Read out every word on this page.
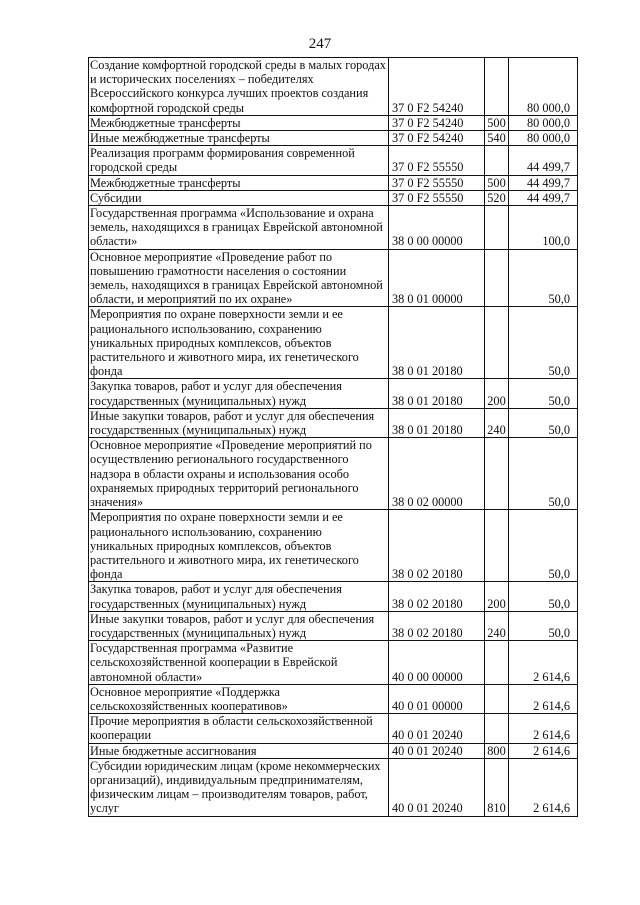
247
Создание комфортной городской среды в малых городах и исторических поселениях – победителях Всероссийского конкурса лучших проектов создания комфортной городской среды	37 0 F2 54240		80 000,0
Межбюджетные трансферты	37 0 F2 54240	500	80 000,0
Иные межбюджетные трансферты	37 0 F2 54240	540	80 000,0
Реализация программ формирования современной городской среды	37 0 F2 55550		44 499,7
Межбюджетные трансферты	37 0 F2 55550	500	44 499,7
Субсидии	37 0 F2 55550	520	44 499,7
Государственная программа «Использование и охрана земель, находящихся в границах Еврейской автономной области»	38 0 00 00000		100,0
Основное мероприятие «Проведение работ по повышению грамотности населения о состоянии земель, находящихся в границах Еврейской автономной области, и мероприятий по их охране»	38 0 01 00000		50,0
Мероприятия по охране поверхности земли и ее рационального использованию, сохранению уникальных природных комплексов, объектов растительного и животного мира, их генетического фонда	38 0 01 20180		50,0
Закупка товаров, работ и услуг для обеспечения государственных (муниципальных) нужд	38 0 01 20180	200	50,0
Иные закупки товаров, работ и услуг для обеспечения государственных (муниципальных) нужд	38 0 01 20180	240	50,0
Основное мероприятие «Проведение мероприятий по осуществлению регионального государственного надзора в области охраны и использования особо охраняемых природных территорий регионального значения»	38 0 02 00000		50,0
Мероприятия по охране поверхности земли и ее рационального использованию, сохранению уникальных природных комплексов, объектов растительного и животного мира, их генетического фонда	38 0 02 20180		50,0
Закупка товаров, работ и услуг для обеспечения государственных (муниципальных) нужд	38 0 02 20180	200	50,0
Иные закупки товаров, работ и услуг для обеспечения государственных (муниципальных) нужд	38 0 02 20180	240	50,0
Государственная программа «Развитие сельскохозяйственной кооперации в Еврейской автономной области»	40 0 00 00000		2 614,6
Основное мероприятие «Поддержка сельскохозяйственных кооперативов»	40 0 01 00000		2 614,6
Прочие мероприятия в области сельскохозяйственной кооперации	40 0 01 20240		2 614,6
Иные бюджетные ассигнования	40 0 01 20240	800	2 614,6
Субсидии юридическим лицам (кроме некоммерческих организаций), индивидуальным предпринимателям, физическим лицам – производителям товаров, работ, услуг	40 0 01 20240	810	2 614,6
